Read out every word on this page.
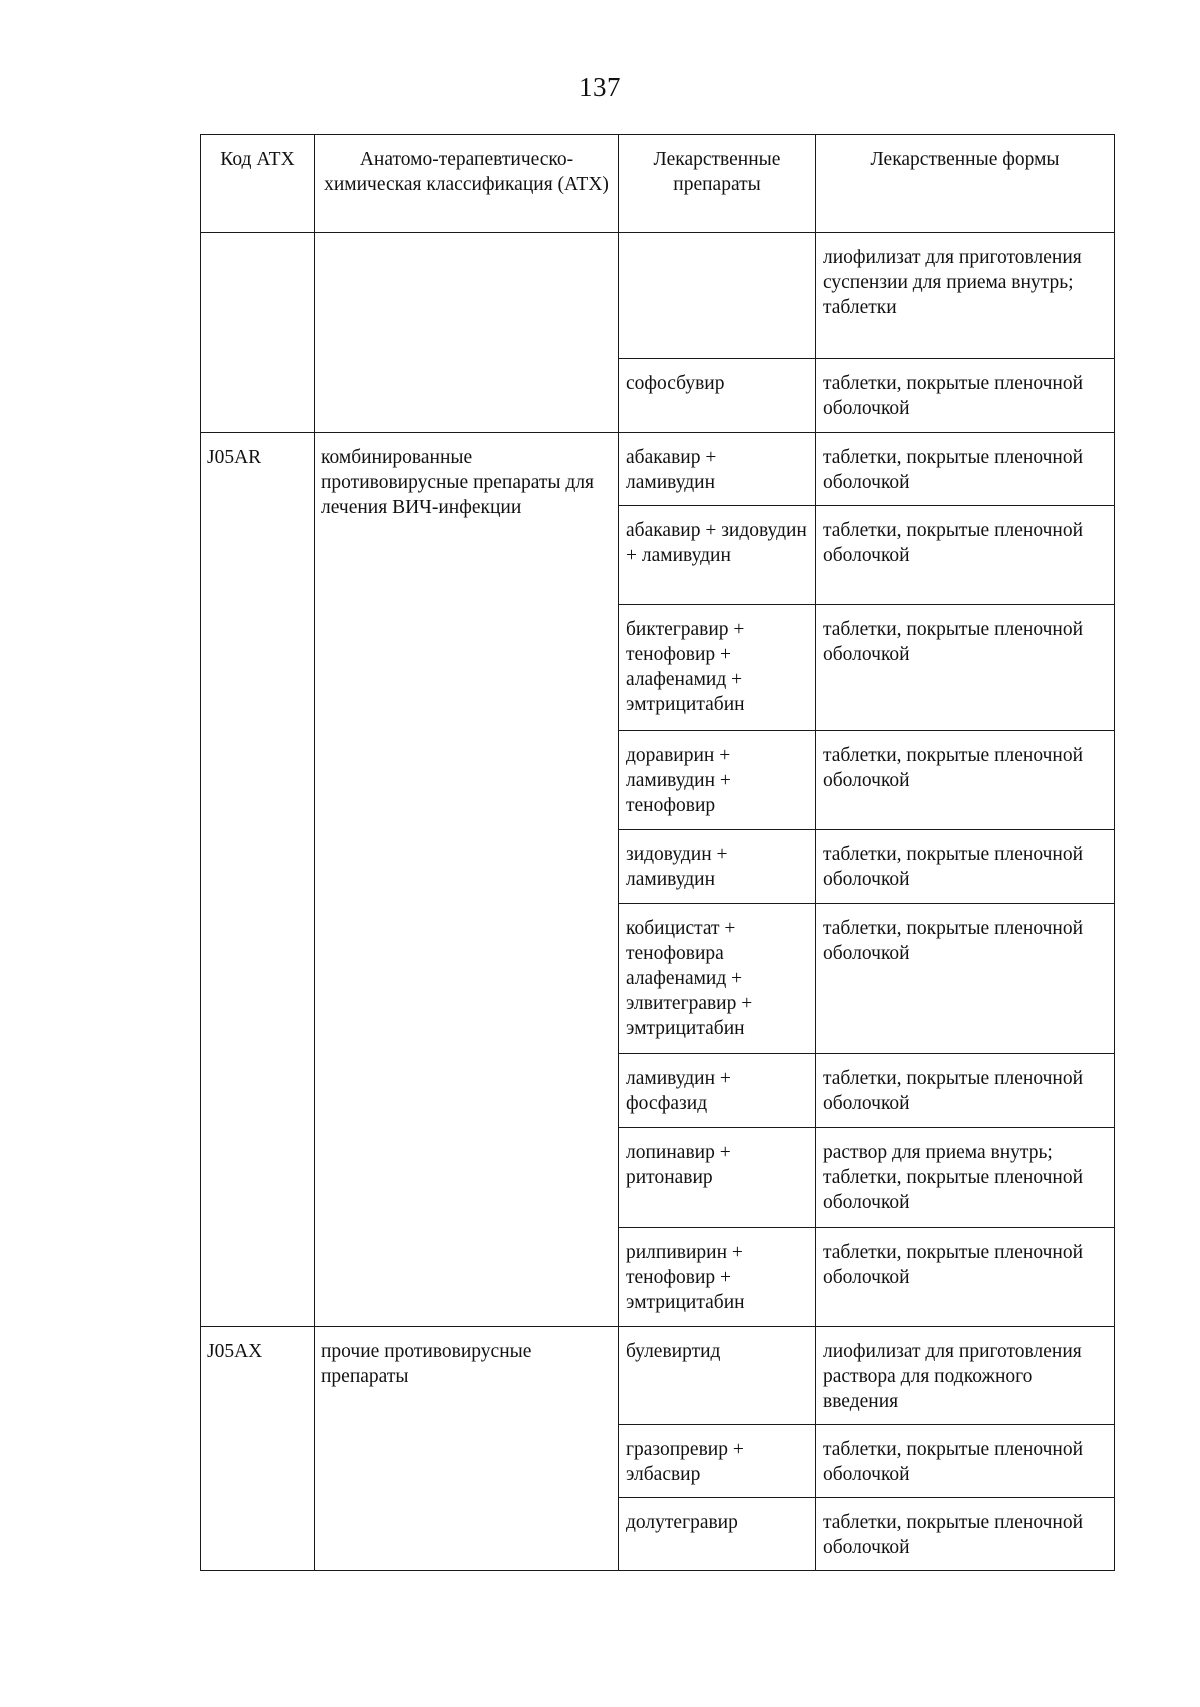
137
Код АТХ	Анатомо-терапевтическо-химическая классификация (АТХ)	Лекарственные препараты	Лекарственные формы

			лиофилизат для приготовления суспензии для приема внутрь;
таблетки

		софосбувир	таблетки, покрытые пленочной оболочкой

J05AR	комбинированные противовирусные препараты для лечения ВИЧ-инфекции	абакавир + ламивудин	таблетки, покрытые пленочной оболочкой

		абакавир + зидовудин + ламивудин	таблетки, покрытые пленочной оболочкой

		биктегравир + тенофовир + алафенамид + эмтрицитабин	таблетки, покрытые пленочной оболочкой

		доравирин + ламивудин + тенофовир	таблетки, покрытые пленочной оболочкой

		зидовудин + ламивудин	таблетки, покрытые пленочной оболочкой

		кобицистат + тенофовира алафенамид + элвитегравир + эмтрицитабин	таблетки, покрытые пленочной оболочкой

		ламивудин + фосфазид	таблетки, покрытые пленочной оболочкой

		лопинавир + ритонавир	раствор для приема внутрь;
таблетки, покрытые пленочной оболочкой

		рилпивирин + тенофовир + эмтрицитабин	таблетки, покрытые пленочной оболочкой

J05AX	прочие противовирусные препараты	булевиртид	лиофилизат для приготовления раствора для подкожного введения

		гразопревир + элбасвир	таблетки, покрытые пленочной оболочкой

		долутегравир	таблетки, покрытые пленочной оболочкой
